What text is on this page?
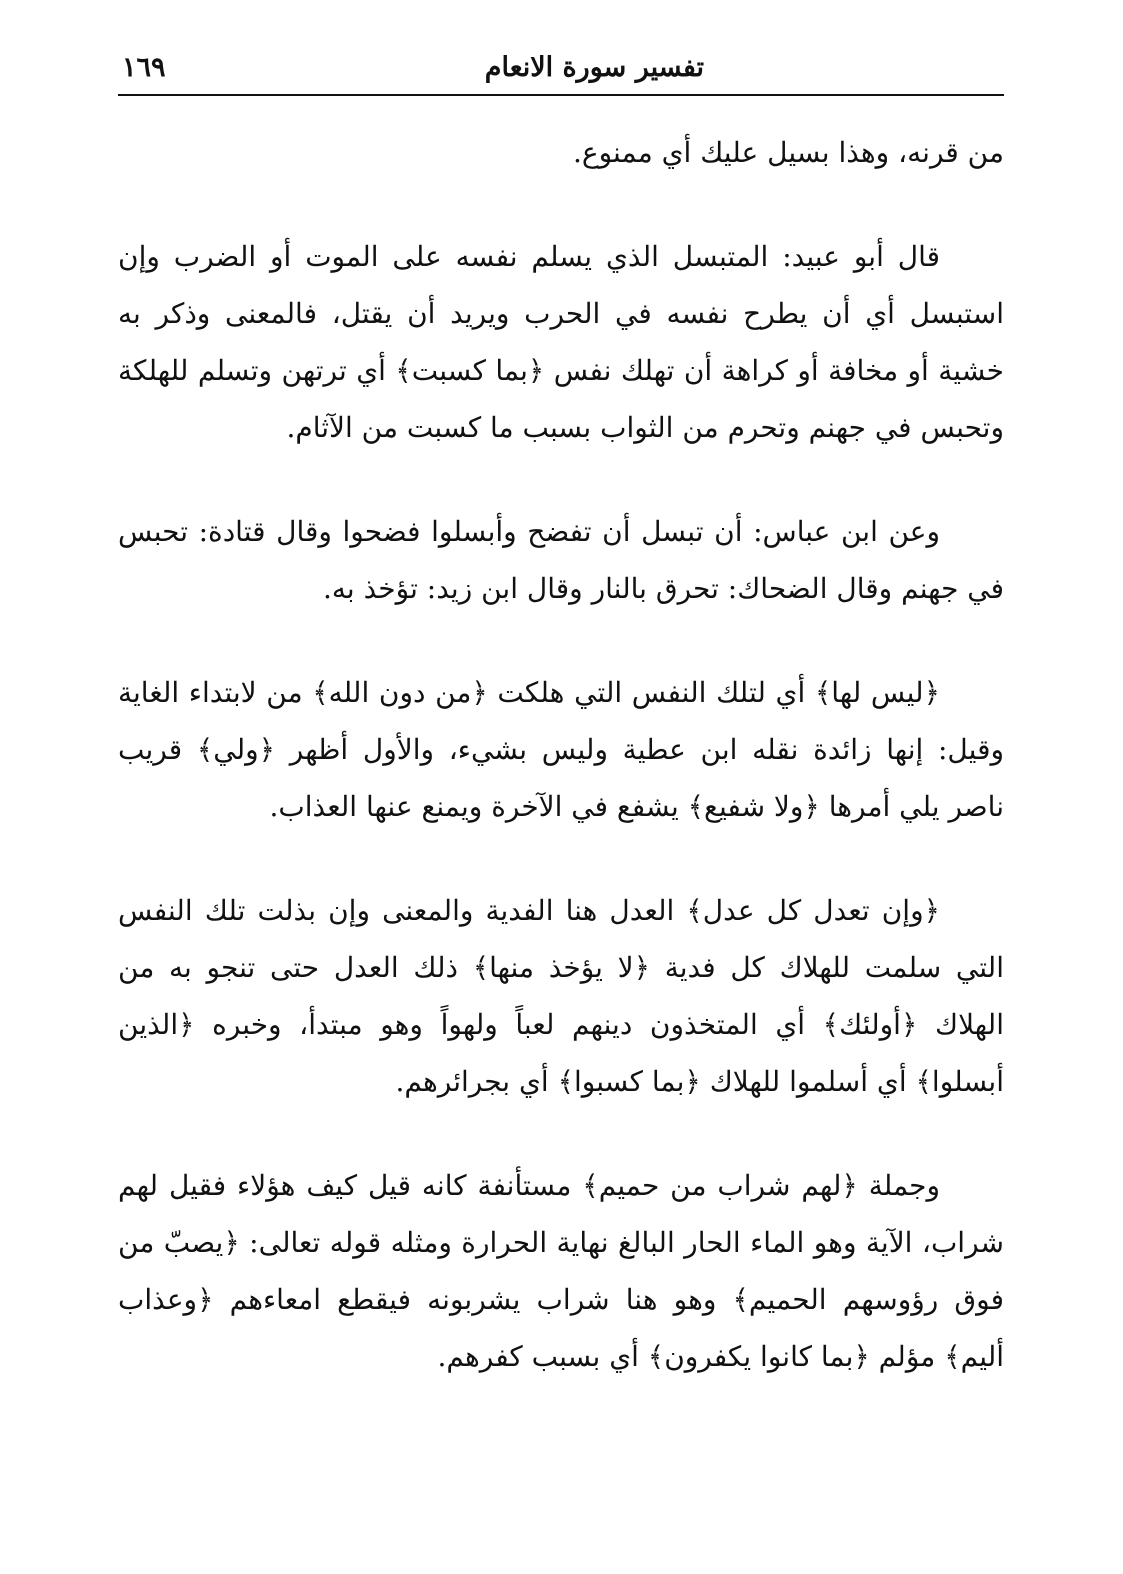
تفسير سورة الانعام
١٦٩

من قرنه، وهذا بسيل عليك أي ممنوع.

قال أبو عبيد: المتبسل الذي يسلم نفسه على الموت أو الضرب وإن استبسل أي أن يطرح نفسه في الحرب ويريد أن يقتل، فالمعنى وذكر به خشية أو مخافة أو كراهة أن تهلك نفس ﴿بما كسبت﴾ أي ترتهن وتسلم للهلكة وتحبس في جهنم وتحرم من الثواب بسبب ما كسبت من الآثام.

وعن ابن عباس: أن تبسل أن تفضح وأبسلوا فضحوا وقال قتادة: تحبس في جهنم وقال الضحاك: تحرق بالنار وقال ابن زيد: تؤخذ به.

﴿ليس لها﴾ أي لتلك النفس التي هلكت ﴿من دون الله﴾ من لابتداء الغاية وقيل: إنها زائدة نقله ابن عطية وليس بشيء، والأول أظهر ﴿ولي﴾ قريب ناصر يلي أمرها ﴿ولا شفيع﴾ يشفع في الآخرة ويمنع عنها العذاب.

﴿وإن تعدل كل عدل﴾ العدل هنا الفدية والمعنى وإن بذلت تلك النفس التي سلمت للهلاك كل فدية ﴿لا يؤخذ منها﴾ ذلك العدل حتى تنجو به من الهلاك ﴿أولئك﴾ أي المتخذون دينهم لعباً ولهواً وهو مبتدأ، وخبره ﴿الذين أبسلوا﴾ أي أسلموا للهلاك ﴿بما كسبوا﴾ أي بجرائرهم.

وجملة ﴿لهم شراب من حميم﴾ مستأنفة كانه قيل كيف هؤلاء فقيل لهم شراب، الآية وهو الماء الحار البالغ نهاية الحرارة ومثله قوله تعالى: ﴿يصبّ من فوق رؤوسهم الحميم﴾ وهو هنا شراب يشربونه فيقطع امعاءهم ﴿وعذاب أليم﴾ مؤلم ﴿بما كانوا يكفرون﴾ أي بسبب كفرهم.
